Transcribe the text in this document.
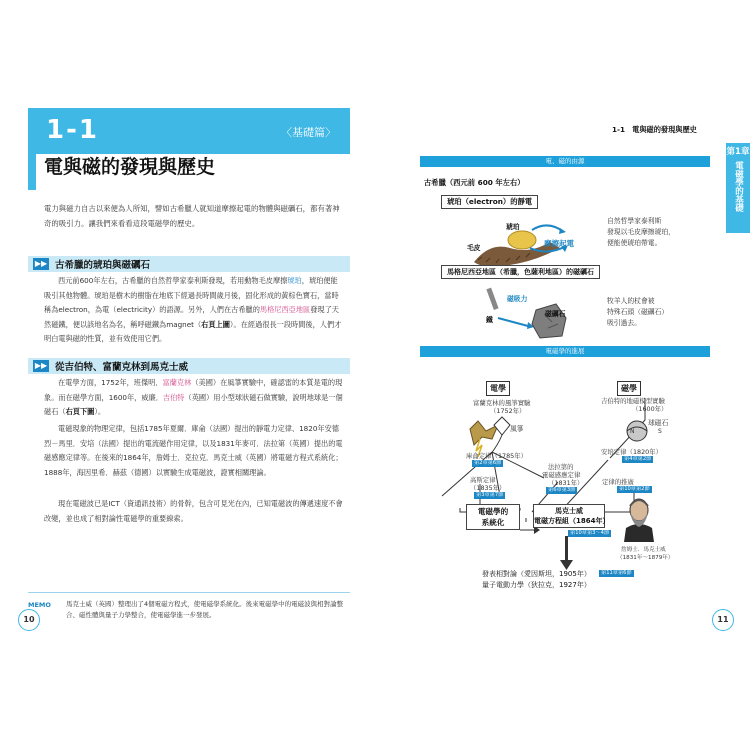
1-1	〈基礎篇〉
電與磁的發現與歷史
電力與磁力自古以來便為人所知，譬如古希臘人就知道摩擦起電的物體與磁礪石，都有著神奇的吸引力。讓我們來看看這段電磁學的歷史。
▶▶ 古希臘的琥珀與磁礪石
西元前600年左右，古希臘的自然哲學家泰利斯發現，若用動物毛皮摩擦琥珀，琥珀便能吸引其他物體。琥珀是樹木的樹脂在地底下經過長時間歲月後，固化形成的黃棕色寶石，當時稱為electron，為電（electricity）的語源。另外，人們在古希臘的馬格尼西亞地區發現了天然磁鐵，便以該地名為名，稱呼磁鐵為magnet（右頁上圖）。在經過很長一段時間後，人們才明白電與磁的性質，並有效使用它們。
▶▶ 從吉伯特、富蘭克林到馬克士威
在電學方面，1752年，班傑明．富蘭克林（美國）在風箏實驗中，確認雷的本質是電的現象。而在磁學方面，1600年，威廉．吉伯特（英國）用小型球狀磁石做實驗，說明地球是一個磁石（右頁下圖）。
電磁現象的物理定律，包括1785年夏爾．庫侖（法國）提出的靜電力定律、1820年安德烈－馬里．安培（法國）提出的電流磁作用定律，以及1831年麥可．法拉第（英國）提出的電磁感應定律等。在後來的1864年，詹姆士．克拉克．馬克士威（英國）將電磁方程式系統化；1888年，海因里希．赫茲（德國）以實驗生成電磁波，證實相關理論。
現在電磁波已是ICT（資通訊技術）的骨幹，包含可見光在內，已知電磁波的傳遞速度不會改變，並也成了相對論性電磁學的重要線索。
MEMO 馬克士威（英國）整理出了4個電磁方程式，使電磁學系統化。後來電磁學中的電磁波與相對論整合、磁性體與量子力學整合，使電磁學進一步發展。
10
1-1　電與磁的發現與歷史
第1章
電磁學的基礎
電、磁的由源
古希臘（西元前 600 年左右）
琥珀（electron）的靜電
琥珀
毛皮	摩擦起電
自然哲學家泰利斯
發現以毛皮摩擦琥珀，
便能使琥珀帶電。
馬格尼西亞地區（希臘，色薩利地區）的磁礪石
磁吸力
鐵
磁礪石
牧羊人的杖會被
特殊石頭（磁礪石）
吸引過去。
電磁學的進展
電學
富蘭克林的風箏實驗
（1752年）
風箏
磁學
吉伯特的地磁模型實驗
（1600年）
球磁石
N	S
庫侖定律（1785年）
第2章第6節
高斯定律
（1835年）
第3章第7節
法拉第的
電磁感應定律
（1831年）
第6章第3節
安培定律（1820年）
第4章第2節
定律的推廣
第10章第2節
電磁學的
系統化
馬克士威
電磁方程組（1864年）
第10章第3〜4節
詹姆士．馬克士威
（1831年〜1879年）
發表相對論（愛因斯坦，1905年）	第11章第6節
量子電動力學（狄拉克，1927年）
11
